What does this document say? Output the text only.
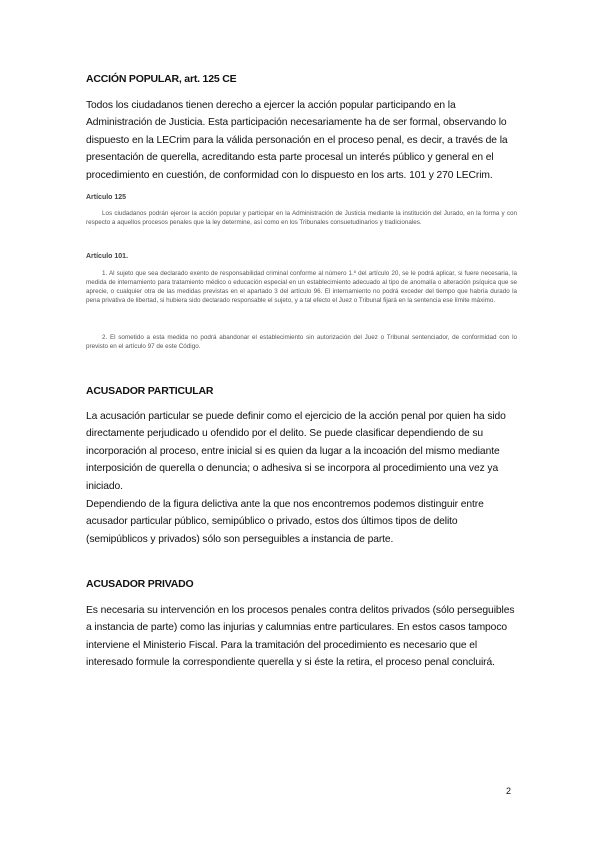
ACCIÓN POPULAR, art. 125 CE

Todos los ciudadanos tienen derecho a ejercer la acción popular participando en la Administración de Justicia. Esta participación necesariamente ha de ser formal, observando lo dispuesto en la LECrim para la válida personación en el proceso penal, es decir, a través de la presentación de querella, acreditando esta parte procesal un interés público y general en el procedimiento en cuestión, de conformidad con lo dispuesto en los arts. 101 y 270 LECrim.

Artículo 125

Los ciudadanos podrán ejercer la acción popular y participar en la Administración de Justicia mediante la institución del Jurado, en la forma y con respecto a aquellos procesos penales que la ley determine, así como en los Tribunales consuetudinarios y tradicionales.

Artículo 101.

1. Al sujeto que sea declarado exento de responsabilidad criminal conforme al número 1.º del artículo 20, se le podrá aplicar, si fuere necesaria, la medida de internamiento para tratamiento médico o educación especial en un establecimiento adecuado al tipo de anomalía o alteración psíquica que se aprecie, o cualquier otra de las medidas previstas en el apartado 3 del artículo 96. El internamiento no podrá exceder del tiempo que habría durado la pena privativa de libertad, si hubiera sido declarado responsable el sujeto, y a tal efecto el Juez o Tribunal fijará en la sentencia ese límite máximo.

2. El sometido a esta medida no podrá abandonar el establecimiento sin autorización del Juez o Tribunal sentenciador, de conformidad con lo previsto en el artículo 97 de este Código.

ACUSADOR PARTICULAR

La acusación particular se puede definir como el ejercicio de la acción penal por quien ha sido directamente perjudicado u ofendido por el delito. Se puede clasificar dependiendo de su incorporación al proceso, entre inicial si es quien da lugar a la incoación del mismo mediante interposición de querella o denuncia; o adhesiva si se incorpora al procedimiento una vez ya iniciado.

Dependiendo de la figura delictiva ante la que nos encontremos podemos distinguir entre acusador particular público, semipúblico o privado, estos dos últimos tipos de delito (semipúblicos y privados) sólo son perseguibles a instancia de parte.

ACUSADOR PRIVADO

Es necesaria su intervención en los procesos penales contra delitos privados (sólo perseguibles a instancia de parte) como las injurias y calumnias entre particulares. En estos casos tampoco interviene el Ministerio Fiscal. Para la tramitación del procedimiento es necesario que el interesado formule la correspondiente querella y si éste la retira, el proceso penal concluirá.

2
